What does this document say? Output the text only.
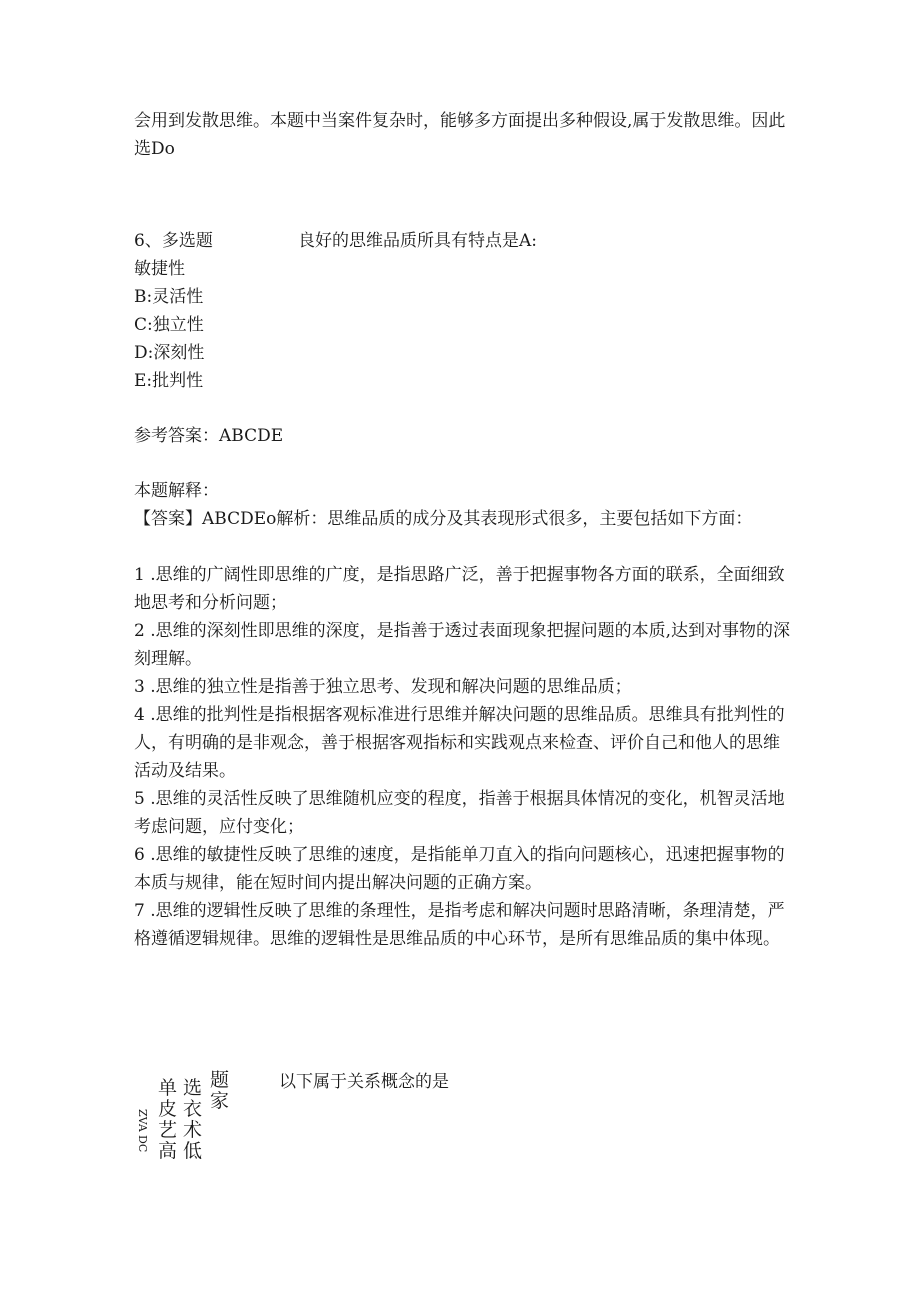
会用到发散思维。本题中当案件复杂时，能够多方面提出多种假设,属于发散思维。因此选Do
6、多选题	良好的思维品质所具有特点是A:
敏捷性
B:灵活性
C:独立性
D:深刻性
E:批判性
参考答案：ABCDE
本题解释：
【答案】ABCDEo解析：思维品质的成分及其表现形式很多，主要包括如下方面：
1 .思维的广阔性即思维的广度，是指思路广泛，善于把握事物各方面的联系，全面细致地思考和分析问题；
2 .思维的深刻性即思维的深度，是指善于透过表面现象把握问题的本质,达到对事物的深刻理解。
3 .思维的独立性是指善于独立思考、发现和解决问题的思维品质；
4 .思维的批判性是指根据客观标准进行思维并解决问题的思维品质。思维具有批判性的人，有明确的是非观念，善于根据客观指标和实践观点来检查、评价自己和他人的思维活动及结果。
5 .思维的灵活性反映了思维随机应变的程度，指善于根据具体情况的变化，机智灵活地考虑问题，应付变化；
6 .思维的敏捷性反映了思维的速度，是指能单刀直入的指向问题核心，迅速把握事物的本质与规律，能在短时间内提出解决问题的正确方案。
7 .思维的逻辑性反映了思维的条理性，是指考虑和解决问题时思路清晰，条理清楚，严格遵循逻辑规律。思维的逻辑性是思维品质的中心环节，是所有思维品质的集中体现。
ZVA
DC
单
皮
艺
高
选
衣
术
低
题
家
以下属于关系概念的是
